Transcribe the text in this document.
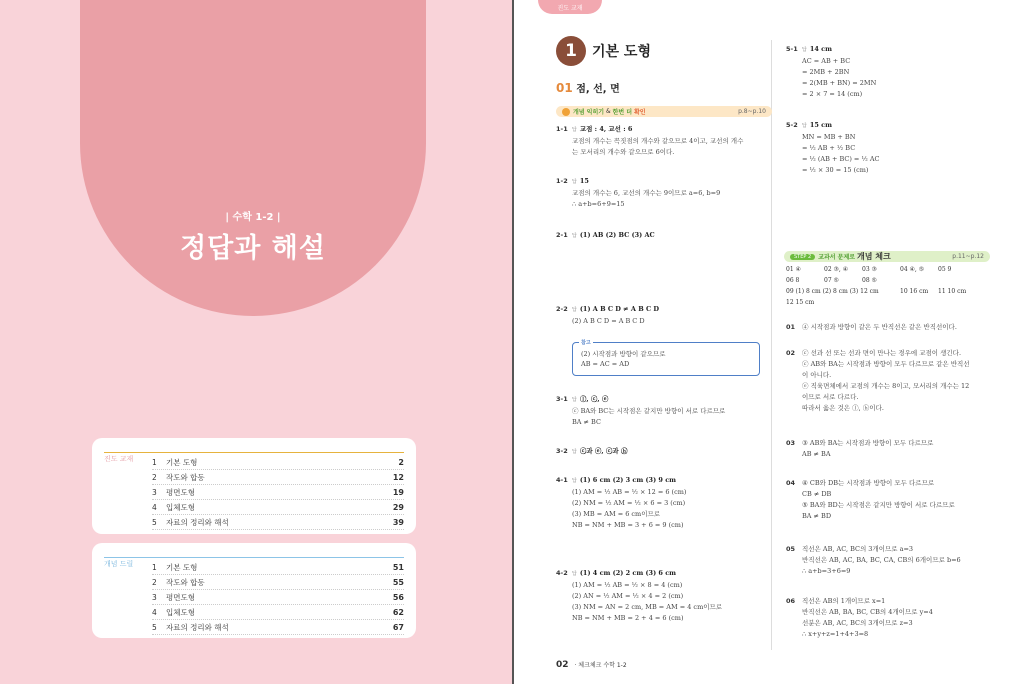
| 수학 1-2 |
정답과 해설
진도 교재 1 기본 도형	2
2 작도와 합동	12
3 평면도형	19
4 입체도형	29
5 자료의 정리와 해석	39
개념 드릴 1 기본 도형	51
2 작도와 합동	55
3 평면도형	56
4 입체도형	62
5 자료의 정리와 해석	67
진도 교재
1	기본 도형
01 점, 선, 면
개념 익히기
&
한번 더
확인	p.8~p.10
1-1 답 교점 : 4, 교선 : 6
교점의 개수는 꼭짓점의 개수와 같으므로 4이고, 교선의 개수
는 모서리의 개수와 같으므로 6이다.
1-2 답 15
교점의 개수는 6, 교선의 개수는 9이므로 a=6, b=9
∴ a+b=6+9=15
2-1 답 (1) AB (2) BC (3) AC
2-2 답 (1) A B C D ≠ A B C D
(2) A B C D = A B C D
3-1 답 ⓛ, ⓒ, ⓔ
ⓒ BA와 BC는 시작점은 같지만 방향이 서로 다르므로
BA ≠ BC
3-2 답 ⓒ과 ⓔ, ⓒ과 ⓗ
4-1 답 (1) 6 cm (2) 3 cm (3) 9 cm
(1) AM = ½ AB = ½ × 12 = 6 (cm)
(2) NM = ½ AM = ½ × 6 = 3 (cm)
(3) MB = AM = 6 cm이므로
NB = NM + MB = 3 + 6 = 9 (cm)
4-2 답 (1) 4 cm (2) 2 cm (3) 6 cm
(1) AM = ½ AB = ½ × 8 = 4 (cm)
(2) AN = ½ AM = ½ × 4 = 2 (cm)
(3) NM = AN = 2 cm, MB = AM = 4 cm이므로
NB = NM + MB = 2 + 4 = 6 (cm)
5-1 답 14 cm
AC = AB + BC
= 2MB + 2BN
= 2(MB + BN) = 2MN
= 2 × 7 = 14 (cm)
5-2 답 15 cm
MN = MB + BN
= ½ AB + ½ BC
= ½ (AB + BC) = ½ AC
= ½ × 30 = 15 (cm)
참고
(2) 시작점과 방향이 같으므로
AB = AC = AD
STEP 2	교과서 문제로
개념 체크	p.11~p.12
01 ④	02 ③, ④	03 ③	04 ④, ⑤	05 9
06 8	07 ⑤	08 ⑤
09 (1) 8 cm (2) 8 cm (3) 12 cm	10 16 cm	11 10 cm
12 15 cm
01 ④ 시작점과 방향이 같은 두 반직선은 같은 반직선이다.
02 ⓒ 선과 선 또는 선과 면이 만나는 경우에 교점이 생긴다.
ⓒ AB와 BA는 시작점과 방향이 모두 다르므로 같은 반직선
이 아니다.
ⓔ 직육면체에서 교점의 개수는 8이고, 모서리의 개수는 12
이므로 서로 다르다.
따라서 옳은 것은 ⓛ, ⓗ이다.
03 ③ AB와 BA는 시작점과 방향이 모두 다르므로
AB ≠ BA
04 ④ CB와 DB는 시작점과 방향이 모두 다르므로
CB ≠ DB
⑤ BA와 BD는 시작점은 같지만 방향이 서로 다르므로
BA ≠ BD
05 직선은 AB, AC, BC의 3개이므로 a=3
반직선은 AB, AC, BA, BC, CA, CB의 6개이므로 b=6
∴ a+b=3+6=9
06 직선은 AB의 1개이므로 x=1
반직선은 AB, BA, BC, CB의 4개이므로 y=4
선분은 AB, AC, BC의 3개이므로 z=3
∴ x+y+z=1+4+3=8
02 · 체크체크 수학 1-2
